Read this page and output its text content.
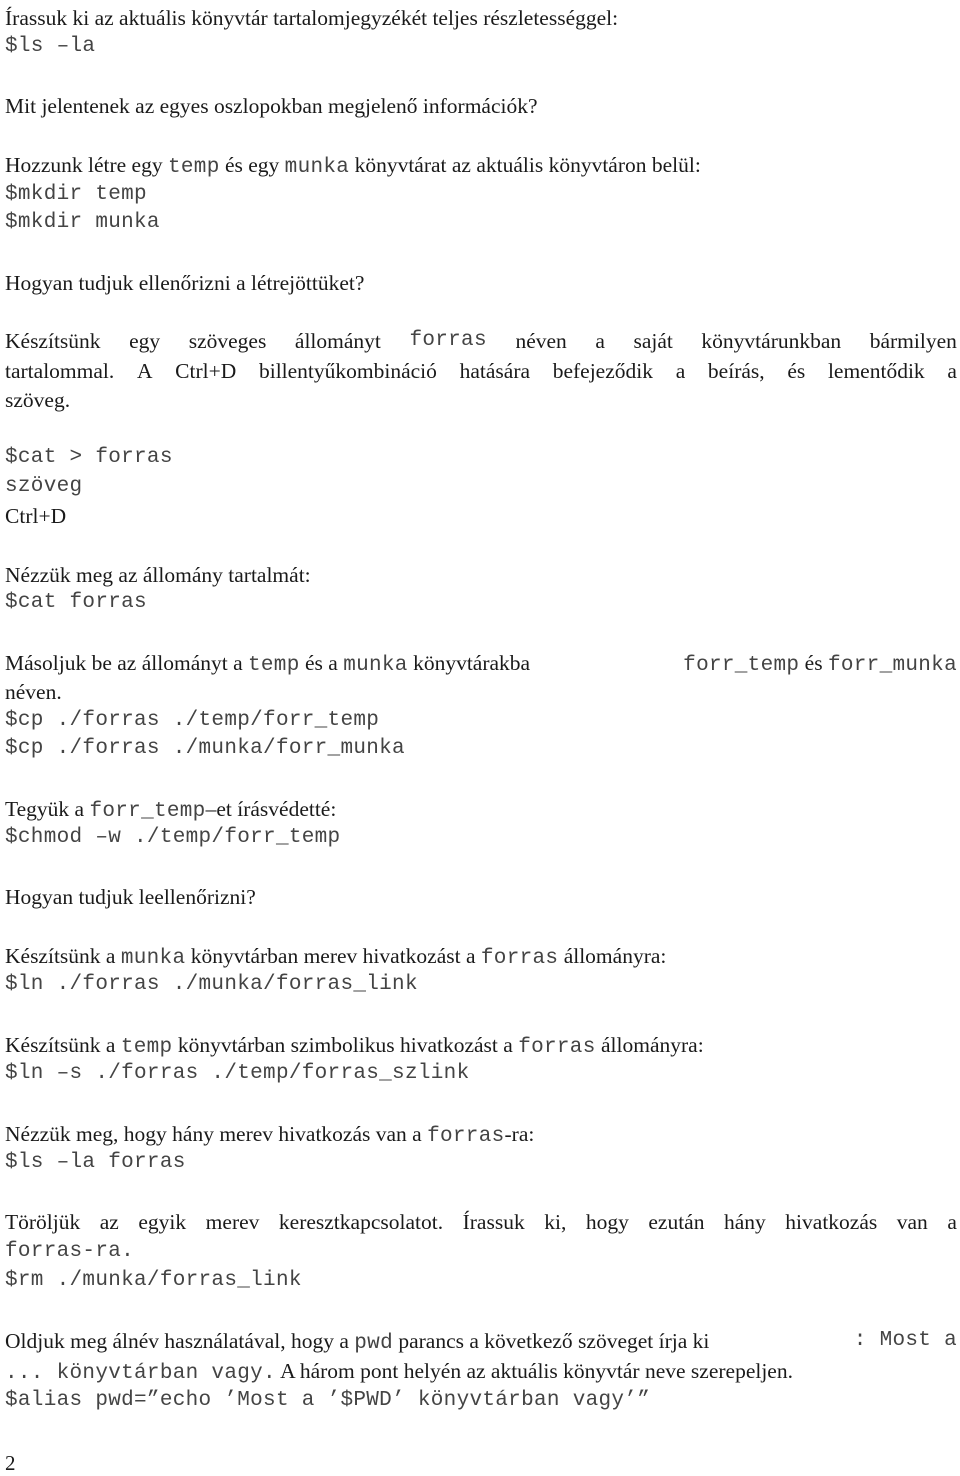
Írassuk ki az aktuális könyvtár tartalomjegyzékét teljes részletességgel:
$ls –la
Mit jelentenek az egyes oszlopokban megjelenő információk?
Hozzunk létre egy temp és egy munka könyvtárat az aktuális könyvtáron belül:
$mkdir temp
$mkdir munka
Hogyan tudjuk ellenőrizni a létrejöttüket?
Készítsünk egy szöveges állományt forras néven a saját könyvtárunkban bármilyen
tartalommal. A Ctrl+D billentyűkombináció hatására befejeződik a beírás, és lementődik a
szöveg.
$cat > forras
szöveg
Ctrl+D
Nézzük meg az állomány tartalmát:
$cat forras
Másoljuk be az állományt a temp és a munka könyvtárakba	forr_temp és forr_munka
néven.
$cp ./forras ./temp/forr_temp
$cp ./forras ./munka/forr_munka
Tegyük a forr_temp–et írásvédetté:
$chmod –w ./temp/forr_temp
Hogyan tudjuk leellenőrizni?
Készítsünk a munka könyvtárban merev hivatkozást a forras állományra:
$ln ./forras ./munka/forras_link
Készítsünk a temp könyvtárban szimbolikus hivatkozást a forras állományra:
$ln –s ./forras ./temp/forras_szlink
Nézzük meg, hogy hány merev hivatkozás van a forras-ra:
$ls –la forras
Töröljük az egyik merev keresztkapcsolatot. Írassuk ki, hogy ezután hány hivatkozás van a
forras-ra.
$rm ./munka/forras_link
Oldjuk meg álnév használatával, hogy a pwd parancs a következő szöveget írja ki	: Most a
... könyvtárban vagy. A három pont helyén az aktuális könyvtár neve szerepeljen.
$alias pwd=”echo ’Most a ’$PWD’ könyvtárban vagy’”
2
